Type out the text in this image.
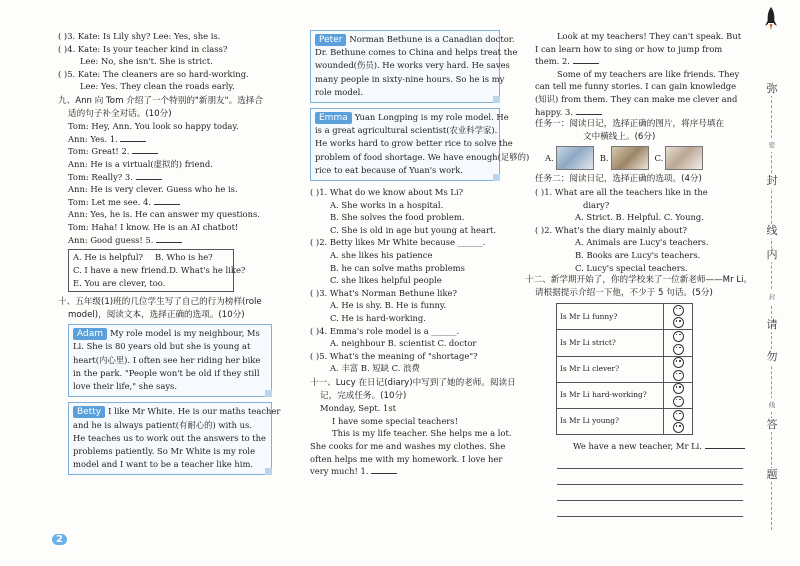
( )3. Kate: Is Lily shy? Lee: Yes, she is.
( )4. Kate: Is your teacher kind in class?
Lee: No, she isn't. She is strict.
( )5. Kate: The cleaners are so hard-working.
Lee: Yes. They clean the roads early.
九、Ann 向 Tom 介绍了一个特别的"新朋友"。选择合
适的句子补全对话。(10分)
Tom: Hey, Ann. You look so happy today.
Ann: Yes. 1.
Tom: Great! 2.
Ann: He is a virtual(虚拟的) friend.
Tom: Really? 3.
Ann: He is very clever. Guess who he is.
Tom: Let me see. 4.
Ann: Yes, he is. He can answer my questions.
Tom: Haha! I know. He is an AI chatbot!
Ann: Good guess! 5.
A. He is helpful? B. Who is he?
C. I have a new friend. D. What's he like?
E. You are clever, too.
十、五年级(1)班的几位学生写了自己的行为榜样(role
model)，阅读文本，选择正确的选项。(10分)
Adam My role model is my neighbour, Ms
Li. She is 80 years old but she is young at
heart(内心里). I often see her riding her bike
in the park. "People won't be old if they still
love their life," she says.
Betty I like Mr White. He is our maths teacher
and he is always patient(有耐心的) with us.
He teaches us to work out the answers to the
problems patiently. So Mr White is my role
model and I want to be a teacher like him.
Peter Norman Bethune is a Canadian doctor.
Dr. Bethune comes to China and helps treat the
wounded(伤员). He works very hard. He saves
many people in sixty-nine hours. So he is my
role model.
Emma Yuan Longping is my role model. He
is a great agricultural scientist(农业科学家).
He works hard to grow better rice to solve the
problem of food shortage. We have enough(足够的)
rice to eat because of Yuan's work.
( )1. What do we know about Ms Li?
A. She works in a hospital.
B. She solves the food problem.
C. She is old in age but young at heart.
( )2. Betty likes Mr White because ______.
A. she likes his patience
B. he can solve maths problems
C. she likes helpful people
( )3. What's Norman Bethune like?
A. He is shy. B. He is funny.
C. He is hard-working.
( )4. Emma's role model is a ______.
A. neighbour B. scientist C. doctor
( )5. What's the meaning of "shortage"?
A. 丰富 B. 短缺 C. 浪费
十一、Lucy 在日记(diary)中写到了她的老师。阅读日
记，完成任务。(10分)
Monday, Sept. 1st
I have some special teachers!
This is my life teacher. She helps me a lot.
She cooks for me and washes my clothes. She
often helps me with my homework. I love her
very much! 1.
Look at my teachers! They can't speak. But
I can learn how to sing or how to jump from
them. 2.
Some of my teachers are like friends. They
can tell me funny stories. I can gain knowledge
(知识) from them. They can make me clever and
happy. 3.
任务一：阅读日记，选择正确的图片，将序号填在
文中横线上。(6分)
A.	B.	C.
任务二：阅读日记，选择正确的选项。(4分)
( )1. What are all the teachers like in the
diary?
A. Strict. B. Helpful. C. Young.
( )2. What's the diary mainly about?
A. Animals are Lucy's teachers.
B. Books are Lucy's teachers.
C. Lucy's special teachers.
十二、新学期开始了，你的学校来了一位新老师——Mr Li。
请根据提示介绍一下他，不少于 5 句话。(5分)
Is Mr Li funny?	
Is Mr Li strict?	
Is Mr Li clever?	
Is Mr Li hard-working?	
Is Mr Li young?	
We have a new teacher, Mr Li.
弥
密
封
线
内
封
请
勿
线
答
题
2
